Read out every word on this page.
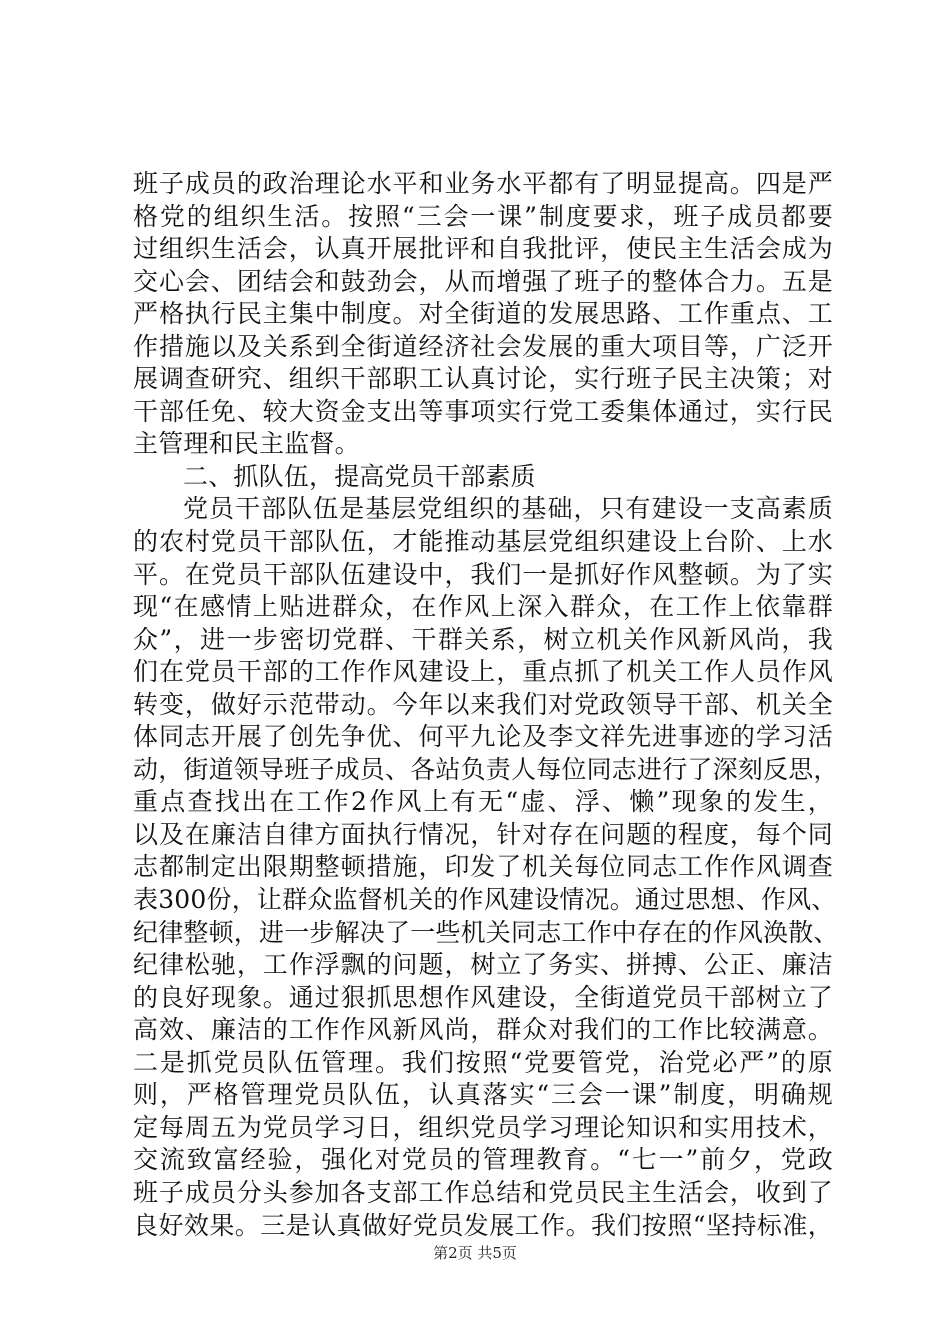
班子成员的政治理论水平和业务水平都有了明显提高。四是严
格党的组织生活。按照“三会一课”制度要求，班子成员都要
过组织生活会，认真开展批评和自我批评，使民主生活会成为
交心会、团结会和鼓劲会，从而增强了班子的整体合力。五是
严格执行民主集中制度。对全街道的发展思路、工作重点、工
作措施以及关系到全街道经济社会发展的重大项目等，广泛开
展调查研究、组织干部职工认真讨论，实行班子民主决策；对
干部任免、较大资金支出等事项实行党工委集体通过，实行民
主管理和民主监督。
二、抓队伍，提高党员干部素质
党员干部队伍是基层党组织的基础，只有建设一支高素质
的农村党员干部队伍，才能推动基层党组织建设上台阶、上水
平。在党员干部队伍建设中，我们一是抓好作风整顿。为了实
现“在感情上贴进群众，在作风上深入群众，在工作上依靠群
众”，进一步密切党群、干群关系，树立机关作风新风尚，我
们在党员干部的工作作风建设上，重点抓了机关工作人员作风
转变，做好示范带动。今年以来我们对党政领导干部、机关全
体同志开展了创先争优、何平九论及李文祥先进事迹的学习活
动，街道领导班子成员、各站负责人每位同志进行了深刻反思，
重点查找出在工作2作风上有无“虚、浮、懒”现象的发生，
以及在廉洁自律方面执行情况，针对存在问题的程度，每个同
志都制定出限期整顿措施，印发了机关每位同志工作作风调查
表300份，让群众监督机关的作风建设情况。通过思想、作风、
纪律整顿，进一步解决了一些机关同志工作中存在的作风涣散、
纪律松驰，工作浮飘的问题，树立了务实、拼搏、公正、廉洁
的良好现象。通过狠抓思想作风建设，全街道党员干部树立了
高效、廉洁的工作作风新风尚，群众对我们的工作比较满意。
二是抓党员队伍管理。我们按照“党要管党，治党必严”的原
则，严格管理党员队伍，认真落实“三会一课”制度，明确规
定每周五为党员学习日，组织党员学习理论知识和实用技术，
交流致富经验，强化对党员的管理教育。“七一”前夕，党政
班子成员分头参加各支部工作总结和党员民主生活会，收到了
良好效果。三是认真做好党员发展工作。我们按照“坚持标准，
第2页 共5页
